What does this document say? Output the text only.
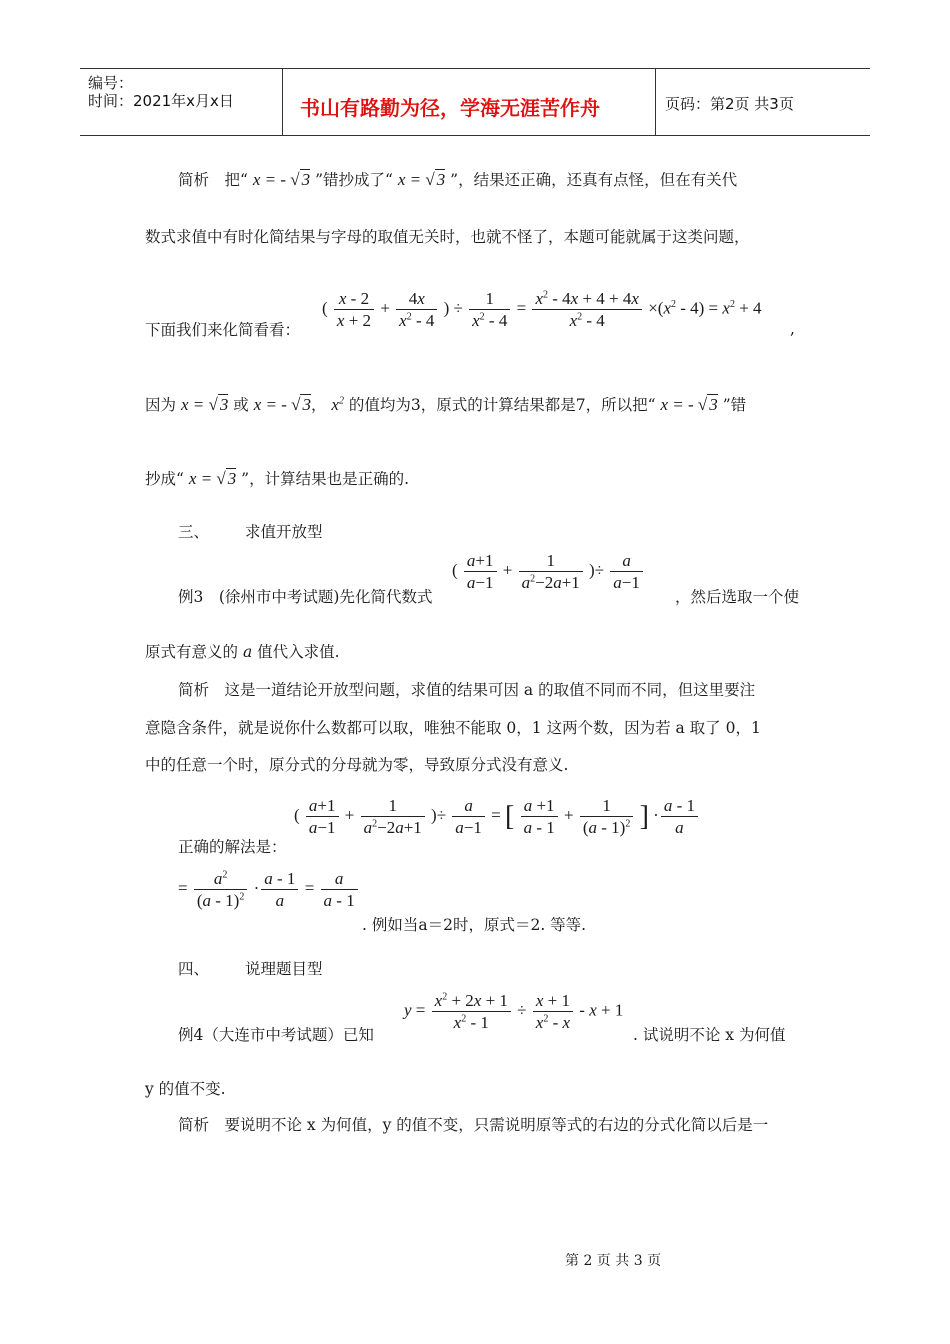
编号：
时间：2021年x月x日	书山有路勤为径，学海无涯苦作舟	页码：第2页 共3页
简析　把“ x = - √ 3 ”错抄成了“ x = √ 3 ”，结果还正确，还真有点怪，但在有关代
数式求值中有时化简结果与字母的取值无关时，也就不怪了，本题可能就属于这类问题，
下面我们来化简看看：
( $\frac{x - 2}{x + 2} + \frac{4x}{x^2 - 4}$ ) ÷ $\frac{1}{x^2 - 4} = \frac{x^2 - 4x + 4 + 4x}{x^2 - 4} \times(x^2 - 4) = x^2 + 4$
,
因为 x = √ 3 或 x = - √ 3， $x^2$ 的值均为3，原式的计算结果都是7，所以把“ x = - √ 3 ”错
抄成“ x = √ 3 ”，计算结果也是正确的.
三、 求值开放型
例3　(徐州市中考试题)先化简代数式
( $\frac{a+1}{a-1} + \frac{1}{a^2-2a+1}$ )÷ $\frac{a}{a-1}$
，然后选取一个使
原式有意义的 a 值代入求值.
简析　这是一道结论开放型问题，求值的结果可因 a 的取值不同而不同，但这里要注
意隐含条件，就是说你什么数都可以取，唯独不能取 0，1 这两个数，因为若 a 取了 0，1
中的任意一个时，原分式的分母就为零，导致原分式没有意义.
正确的解法是：
( $\frac{a+1}{a-1} + \frac{1}{a^2-2a+1}$ )÷ $\frac{a}{a-1}$ = [ $\frac{a +1}{a - 1} + \frac{1}{(a - 1)^2}$ ] · $\frac{a - 1}{a}$
= $\frac{a^2}{(a - 1)^2} \cdot \frac{a - 1}{a} = \frac{a}{a - 1}$
. 例如当a＝2时，原式＝2. 等等.
四、 说理题目型
例4（大连市中考试题）已知
$y = \frac{x^2 + 2x + 1}{x^2 - 1} \div \frac{x + 1}{x^2 - x} - x + 1$
. 试说明不论 x 为何值
y 的值不变.
简析　要说明不论 x 为何值，y 的值不变，只需说明原等式的右边的分式化简以后是一
第 2 页 共 3 页
